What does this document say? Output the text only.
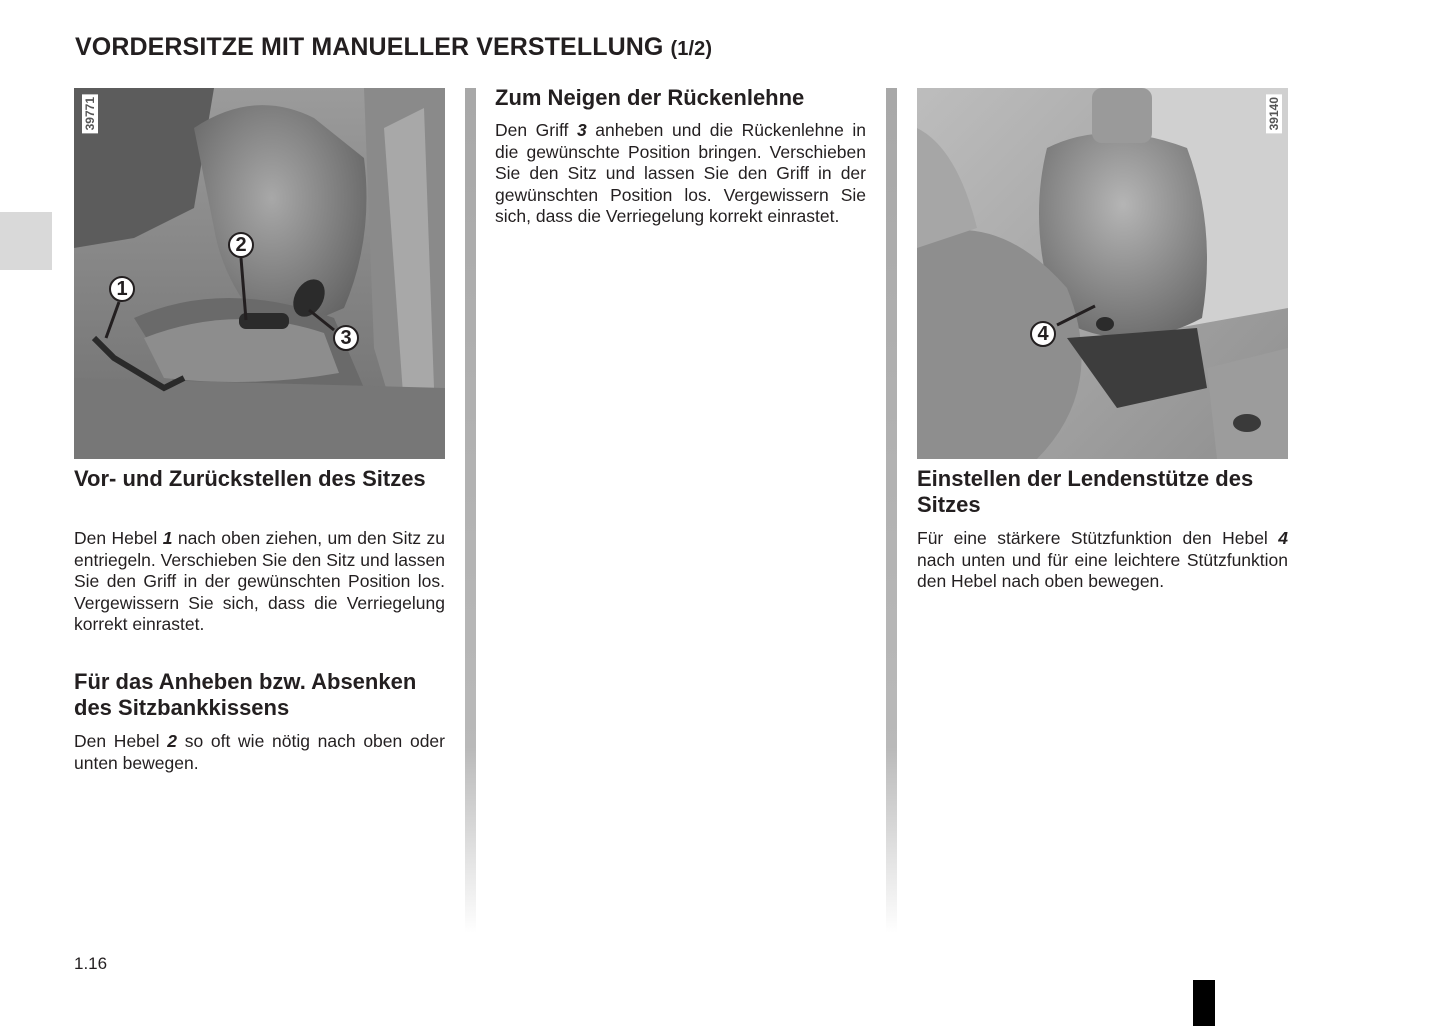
VORDERSITZE MIT MANUELLER VERSTELLUNG (1/2)
39771
1
2
3
39140
4
Vor- und Zurückstellen des Sitzes

Den Hebel 1 nach oben ziehen, um den Sitz zu entriegeln. Verschieben Sie den Sitz und lassen Sie den Griff in der gewünschten Position los. Vergewissern Sie sich, dass die Verriegelung korrekt einrastet.

Für das Anheben bzw. Absenken des Sitzbankkissens

Den Hebel 2 so oft wie nötig nach oben oder unten bewegen.

Zum Neigen der Rückenlehne

Den Griff 3 anheben und die Rückenlehne in die gewünschte Position bringen. Verschieben Sie den Sitz und lassen Sie den Griff in der gewünschten Position los. Vergewissern Sie sich, dass die Verriegelung korrekt einrastet.

Einstellen der Lendenstütze des Sitzes

Für eine stärkere Stützfunktion den Hebel 4 nach unten und für eine leichtere Stützfunktion den Hebel nach oben bewegen.

1.16
